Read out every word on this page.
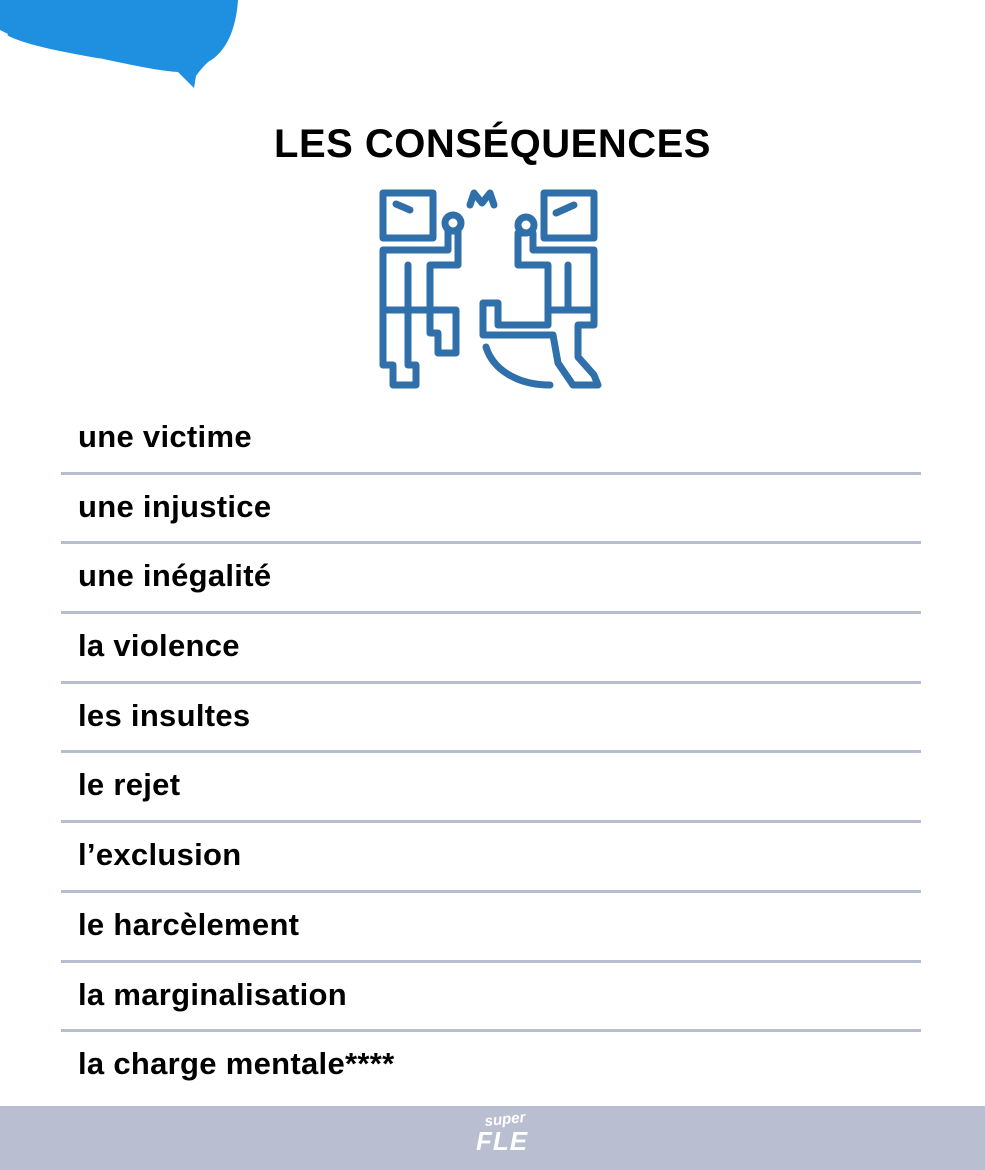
LES CONSÉQUENCES
une victime
une injustice
une inégalité
la violence
les insultes
le rejet
l’exclusion
le harcèlement
la marginalisation
la charge mentale****
super
FLE
